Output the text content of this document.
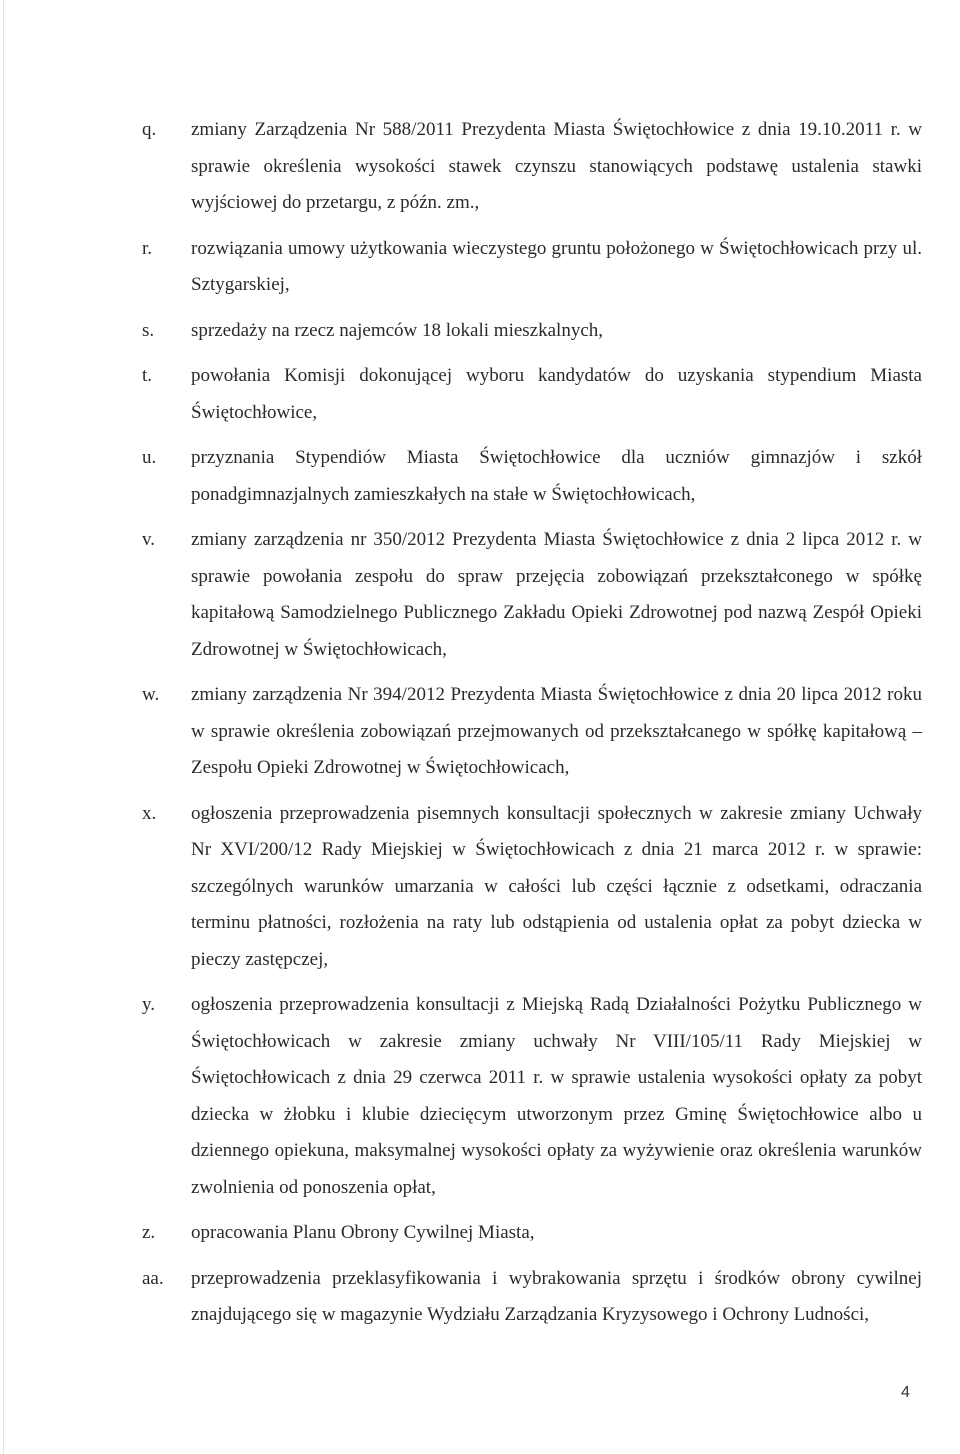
q.	zmiany Zarządzenia Nr 588/2011 Prezydenta Miasta Świętochłowice z dnia 19.10.2011 r. w sprawie określenia wysokości stawek czynszu stanowiących podstawę ustalenia stawki wyjściowej do przetargu, z późn. zm.,
r.	rozwiązania umowy użytkowania wieczystego gruntu położonego w Świętochłowicach przy ul. Sztygarskiej,
s.	sprzedaży na rzecz najemców 18 lokali mieszkalnych,
t.	powołania Komisji dokonującej wyboru kandydatów do uzyskania stypendium Miasta Świętochłowice,
u.	przyznania Stypendiów Miasta Świętochłowice dla uczniów gimnazjów i szkół ponadgimnazjalnych zamieszkałych na stałe w Świętochłowicach,
v.	zmiany zarządzenia nr 350/2012 Prezydenta Miasta Świętochłowice z dnia 2 lipca 2012 r. w sprawie powołania zespołu do spraw przejęcia zobowiązań przekształconego w spółkę kapitałową Samodzielnego Publicznego Zakładu Opieki Zdrowotnej pod nazwą Zespół Opieki Zdrowotnej w Świętochłowicach,
w.	zmiany zarządzenia Nr 394/2012 Prezydenta Miasta Świętochłowice z dnia 20 lipca 2012 roku w sprawie określenia zobowiązań przejmowanych od przekształcanego w spółkę kapitałową – Zespołu Opieki Zdrowotnej w Świętochłowicach,
x.	ogłoszenia przeprowadzenia pisemnych konsultacji społecznych w zakresie zmiany Uchwały Nr XVI/200/12 Rady Miejskiej w Świętochłowicach z dnia 21 marca 2012 r. w sprawie: szczególnych warunków umarzania w całości lub części łącznie z odsetkami, odraczania terminu płatności, rozłożenia na raty lub odstąpienia od ustalenia opłat za pobyt dziecka w pieczy zastępczej,
y.	ogłoszenia przeprowadzenia konsultacji z Miejską Radą Działalności Pożytku Publicznego w Świętochłowicach w zakresie zmiany uchwały Nr VIII/105/11 Rady Miejskiej w Świętochłowicach z dnia 29 czerwca 2011 r. w sprawie ustalenia wysokości opłaty za pobyt dziecka w żłobku i klubie dziecięcym utworzonym przez Gminę Świętochłowice albo u dziennego opiekuna, maksymalnej wysokości opłaty za wyżywienie oraz określenia warunków zwolnienia od ponoszenia opłat,
z.	opracowania Planu Obrony Cywilnej Miasta,
aa.	przeprowadzenia przeklasyfikowania i wybrakowania sprzętu i środków obrony cywilnej znajdującego się w magazynie Wydziału Zarządzania Kryzysowego i Ochrony Ludności,
4
